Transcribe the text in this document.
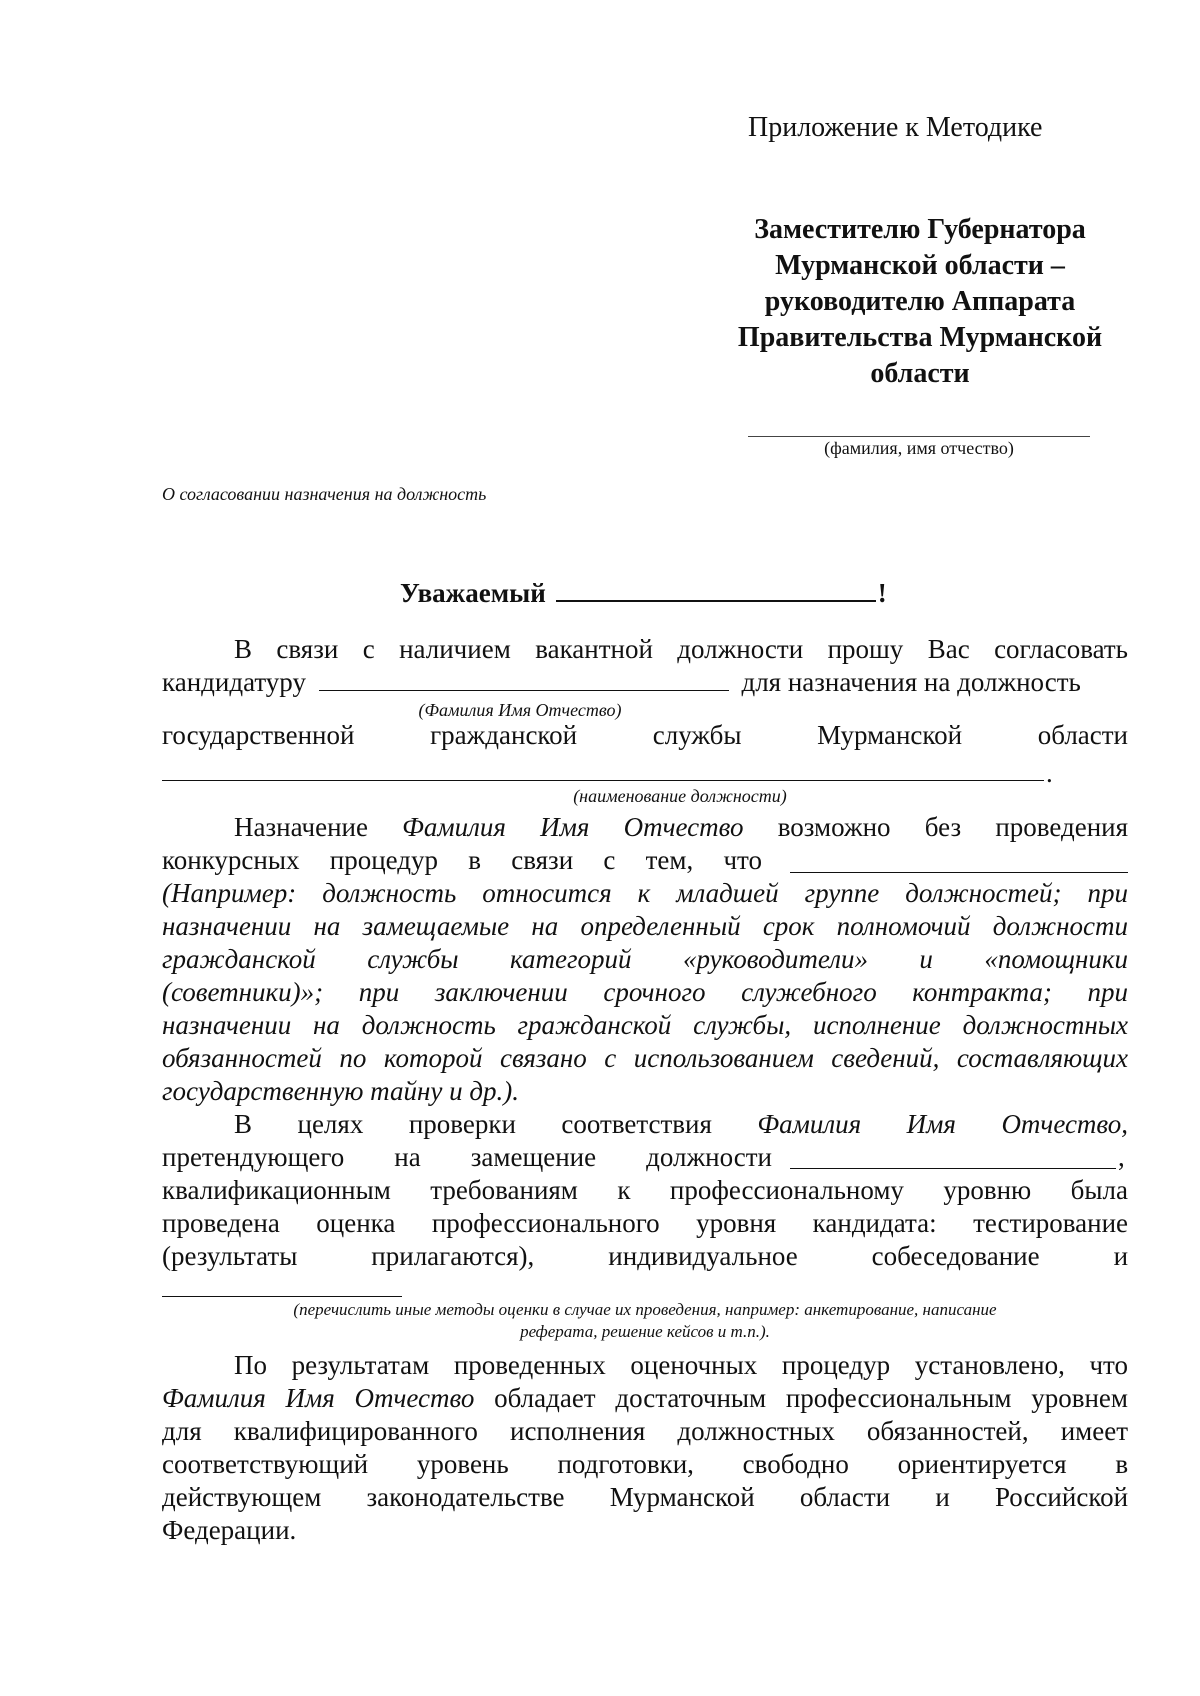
Приложение к Методике
Заместителю Губернатора
Мурманской области –
руководителю Аппарата
Правительства Мурманской
области
(фамилия, имя отчество)
О согласовании назначения на должность
Уважаемый	!
В связи с наличием вакантной должности прошу Вас согласовать
кандидатуру	для назначения на должность
(Фамилия Имя Отчество)
государственной	гражданской	службы	Мурманской	области
.
(наименование должности)
Назначение Фамилия Имя Отчество возможно без проведения
конкурсных процедур в связи с тем, что
(Например: должность относится к младшей группе должностей; при
назначении на замещаемые на определенный срок полномочий должности
гражданской службы категорий «руководители» и «помощники
(советники)»; при заключении срочного служебного контракта; при
назначении на должность гражданской службы, исполнение должностных
обязанностей по которой связано с использованием сведений, составляющих
государственную тайну и др.).
В целях проверки соответствия Фамилия Имя Отчество,
претендующего на замещение должности	,
квалификационным требованиям к профессиональному уровню была
проведена оценка профессионального уровня кандидата: тестирование
(результаты	прилагаются),	индивидуальное	собеседование	и
(перечислить иные методы оценки в случае их проведения, например: анкетирование, написание
реферата, решение кейсов и т.п.).
По результатам проведенных оценочных процедур установлено, что
Фамилия Имя Отчество обладает достаточным профессиональным уровнем
для квалифицированного исполнения должностных обязанностей, имеет
соответствующий уровень подготовки, свободно ориентируется в
действующем законодательстве Мурманской области и Российской
Федерации.
